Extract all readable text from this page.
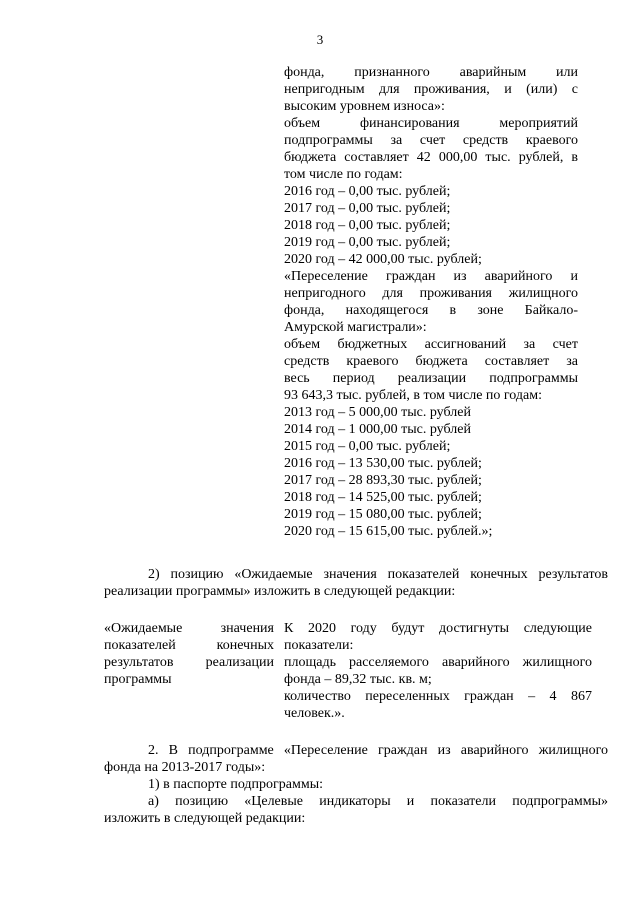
3

фонда, признанного аварийным или

непригодным для проживания, и (или) с

высоким уровнем износа»:

объем финансирования мероприятий

подпрограммы за счет средств краевого

бюджета составляет 42 000,00 тыс. рублей, в

том числе по годам:

2016 год – 0,00 тыс. рублей;

2017 год – 0,00 тыс. рублей;

2018 год – 0,00 тыс. рублей;

2019 год – 0,00 тыс. рублей;

2020 год – 42 000,00 тыс. рублей;

«Переселение граждан из аварийного и

непригодного для проживания жилищного

фонда, находящегося в зоне Байкало-

Амурской магистрали»:

объем бюджетных ассигнований за счет

средств краевого бюджета составляет за

весь период реализации подпрограммы

93 643,3 тыс. рублей, в том числе по годам:

2013 год – 5 000,00 тыс. рублей

2014 год – 1 000,00 тыс. рублей

2015 год – 0,00 тыс. рублей;

2016 год – 13 530,00 тыс. рублей;

2017 год – 28 893,30 тыс. рублей;

2018 год – 14 525,00 тыс. рублей;

2019 год – 15 080,00 тыс. рублей;

2020 год – 15 615,00 тыс. рублей.»;

2) позицию «Ожидаемые значения показателей конечных результатов

реализации программы» изложить в следующей редакции:

«Ожидаемые значения

показателей конечных

результатов реализации

программы

К 2020 году будут достигнуты следующие

показатели:

площадь расселяемого аварийного жилищного

фонда – 89,32 тыс. кв. м;

количество переселенных граждан – 4 867

человек.».

2. В подпрограмме «Переселение граждан из аварийного жилищного

фонда на 2013-2017 годы»:

1) в паспорте подпрограммы:

а) позицию «Целевые индикаторы и показатели подпрограммы»

изложить в следующей редакции:
